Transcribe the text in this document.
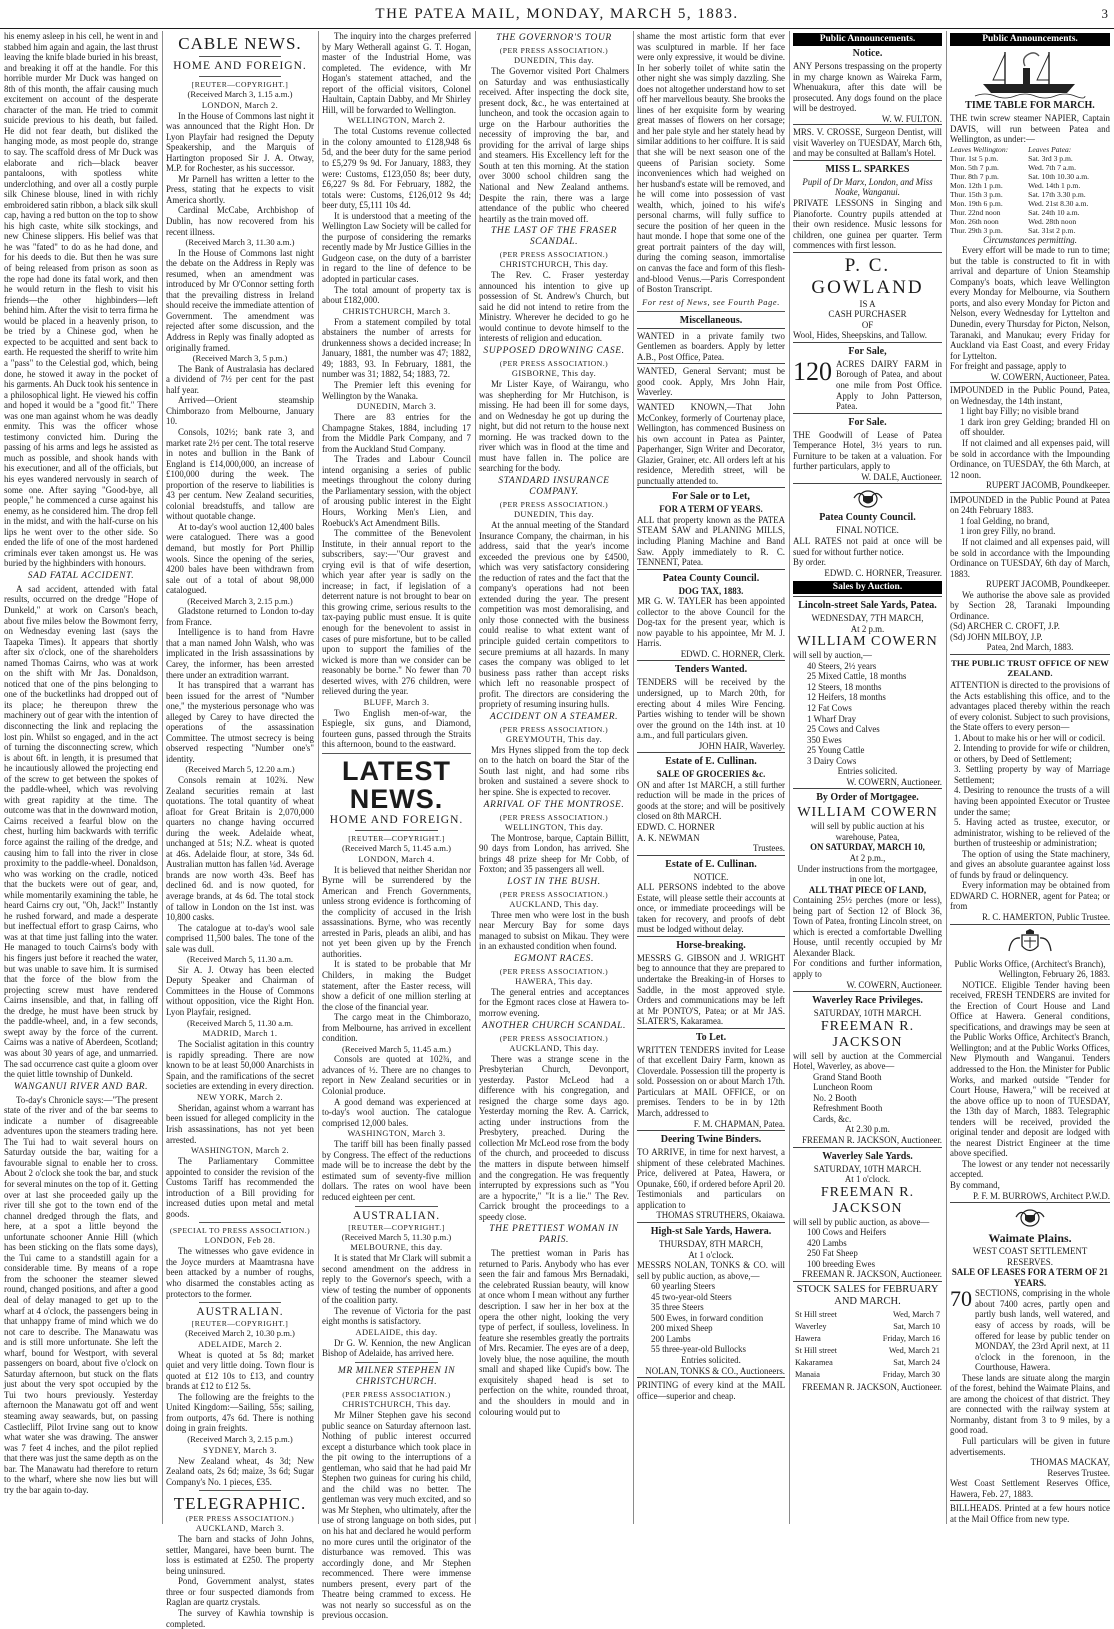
THE PATEA MAIL, MONDAY, MARCH 5, 1883.	3

his enemy asleep in his cell, he went in and stabbed him again and again, the last thrust leaving the knife blade buried in his breast, and breaking it off at the handle. For this horrible murder Mr Duck was hanged on 8th of this month, the affair causing much excitement on account of the desperate character of the man. He tried to commit suicide previous to his death, but failed. He did not fear death, but disliked the hanging mode, as most people do, strange to say. The scaffold dress of Mr Duck was elaborate and rich—black beaver pantaloons, with spotless white underclothing, and over all a costly purple silk Chinese blouse, lined in with richly embroidered satin ribbon, a black silk skull cap, having a red button on the top to show his high caste, white silk stockings, and new Chinese slippers. His belief was that he was "fated" to do as he had done, and for his deeds to die. But then he was sure of being released from prison as soon as the rope had done its fatal work, and then he would return in the flesh to visit his friends—the other highbinders—left behind him. After the visit to terra firma he would be placed in a heavenly prison, to be tried by a Chinese god, when he expected to be acquitted and sent back to earth. He requested the sheriff to write him a "pass" to the Celestial god, which, being done, he stowed it away in the pocket of his garments. Ah Duck took his sentence in a philosophical light. He viewed his coffin and hoped it would be a "good fit." There was one man against whom he was deadly enmity. This was the officer whose testimony convicted him. During the passing of his arms and legs he assisted as much as possible, and shook hands with his executioner, and all of the officials, but his eyes wandered nervously in search of some one. After saying "Good-bye, all people," he commenced a curse against his enemy, as he considered him. The drop fell in the midst, and with the half-curse on his lips he went over to the other side. So ended the life of one of the most hardened criminals ever taken amongst us. He was buried by the highbinders with honours.

SAD FATAL ACCIDENT.

A sad accident, attended with fatal results, occurred on the dredge "Hope of Dunkeld," at work on Carson's beach, about five miles below the Bowmont ferry, on Wednesday evening last (says the Taapeka Times). It appears that shortly after six o'clock, one of the shareholders named Thomas Cairns, who was at work on the shift with Mr Jas. Donaldson, noticed that one of the pins belonging to one of the bucketlinks had dropped out of its place; he thereupon threw the machinery out of gear with the intention of disconnecting the link and replacing the lost pin. Whilst so engaged, and in the act of turning the disconnecting screw, which is about 6ft. in length, it is presumed that he incautiously allowed the projecting end of the screw to get between the spokes of the paddle-wheel, which was revolving with great rapidity at the time. The outcome was that in the downward motion, Cairns received a fearful blow on the chest, hurling him backwards with terrific force against the railing of the dredge, and causing him to fall into the river in close proximity to the paddle-wheel. Donaldson, who was working on the cradle, noticed that the buckets were out of gear, and, while momentarily examining the table, he heard Cairns cry out, "Oh, Jack!" Instantly he rushed forward, and made a desperate but ineffectual effort to grasp Cairns, who was at that time just falling into the water. He managed to touch Cairns's body with his fingers just before it reached the water, but was unable to save him. It is surmised that the force of the blow from the projecting screw must have rendered Cairns insensible, and that, in falling off the dredge, he must have been struck by the paddle-wheel, and, in a few seconds, swept away by the force of the current. Cairns was a native of Aberdeen, Scotland; was about 30 years of age, and unmarried. The sad occurrence cast quite a gloom over the quiet little township of Dunkeld.

WANGANUI RIVER AND BAR.

To-day's Chronicle says:—"The present state of the river and of the bar seems to indicate a number of disagreeable adventures upon the steamers trading here. The Tui had to wait several hours on Saturday outside the bar, waiting for a favourable signal to enable her to cross. About 2 o'clock she took the bar, and stuck for several minutes on the top of it. Getting over at last she proceeded gaily up the river till she got to the town end of the channel dredged through the flats, and here, at a spot a little beyond the unfortunate schooner Annie Hill (which has been sticking on the flats some days), the Tui came to a standstill again for a considerable time. By means of a rope from the schooner the steamer slewed round, changed positions, and after a good deal of delay managed to get up to the wharf at 4 o'clock, the passengers being in that unhappy frame of mind which we do not care to describe. The Manawatu was and is still more unfortunate. She left the wharf, bound for Westport, with several passengers on board, about five o'clock on Saturday afternoon, but stuck on the flats just about the very spot occupied by the Tui two hours previously. Yesterday afternoon the Manawatu got off and went steaming away seawards, but, on passing Castlecliff, Pilot Irvine sang out to know what water she was drawing. The answer was 7 feet 4 inches, and the pilot replied that there was just the same depth as on the bar. The Manawatu had therefore to return to the wharf, where she now lies but will try the bar again to-day.

CABLE NEWS.
HOME AND FOREIGN.
[REUTER—COPYRIGHT.]
(Received March 3, 1.15 a.m.)
LONDON, March 2.

In the House of Commons last night it was announced that the Right Hon. Dr Lyon Playfair had resigned the Deputy Speakership, and the Marquis of Hartington proposed Sir J. A. Otway, M.P. for Rochester, as his successor.

Mr Parnell has written a letter to the Press, stating that he expects to visit America shortly.

Cardinal McCabe, Archbishop of Dublin, has now recovered from his recent illness.

(Received March 3, 11.30 a.m.)

In the House of Commons last night the debate on the Address in Reply was resumed, when an amendment was introduced by Mr O'Connor setting forth that the prevailing distress in Ireland should receive the immediate attention of Government. The amendment was rejected after some discussion, and the Address in Reply was finally adopted as originally framed.

(Received March 3, 5 p.m.)

The Bank of Australasia has declared a dividend of 7½ per cent for the past half year.

Arrived—Orient steamship Chimborazo from Melbourne, January 10.

Consols, 102½; bank rate 3, and market rate 2½ per cent. The total reserve in notes and bullion in the Bank of England is £14,000,000, an increase of £100,000 during the week. The proportion of the reserve to liabilities is 43 per centum. New Zealand securities, colonial breadstuffs, and tallow are without quotable change.

At to-day's wool auction 12,400 bales were catalogued. There was a good demand, but mostly for Port Phillip wools. Since the opening of the series, 4200 bales have been withdrawn from sale out of a total of about 98,000 catalogued.

(Received March 3, 2.15 p.m.)

Gladstone returned to London to-day from France.

Intelligence is to hand from Havre that a man named John Walsh, who was implicated in the Irish assassinations by Carey, the informer, has been arrested there under an extradition warrant.

It has transpired that a warrant has been issued for the arrest of "Number one," the mysterious personage who was alleged by Carey to have directed the operations of the assassination Committee. The utmost secrecy is being observed respecting "Number one's" identity.

(Received March 5, 12.20 a.m.)

Consols remain at 102¾. New Zealand securities remain at last quotations. The total quantity of wheat afloat for Great Britain is 2,070,000 quarters no change having occurred during the week. Adelaide wheat, unchanged at 51s; N.Z. wheat is quoted at 46s. Adelaide flour, at store, 34s 6d. Australian mutton has fallen ¼d. Average brands are now worth 43s. Beef has declined 6d. and is now quoted, for average brands, at 4s 6d. The total stock of tallow in London on the 1st inst. was 10,800 casks.

The catalogue at to-day's wool sale comprised 11,500 bales. The tone of the sale was dull.

(Received March 5, 11.30 a.m.

Sir A. J. Otway has been elected Deputy Speaker and Chairman of Committees in the House of Commons without opposition, vice the Right Hon. Lyon Playfair, resigned.

(Received March 5, 11.30 a.m.
MADRID, March 1.

The Socialist agitation in this country is rapidly spreading. There are now known to be at least 50,000 Anarchists in Spain, and the ramifications of the secret societies are extending in every direction.

NEW YORK, March 2.

Sheridan, against whom a warrant has been issued for alleged complicity in the Irish assassinations, has not yet been arrested.

WASHINGTON, March 2.

The Parliamentary Committee appointed to consider the revision of the Customs Tariff has recommended the introduction of a Bill providing for increased duties upon metal and metal goods.

(SPECIAL TO PRESS ASSOCIATION.)
LONDON, Feb 28.

The witnesses who gave evidence in the Joyce murders at Maamtrasna have been attacked by a number of roughs, who disarmed the constables acting as protectors to the former.

AUSTRALIAN.
[REUTER—COPYRIGHT.]
(Received March 2, 10.30 p.m.)
ADELAIDE, March 2.

Wheat is quoted at 5s 8d; market quiet and very little doing. Town flour is quoted at £12 10s to £13, and country brands at £12 to £12 5s.

The following are the freights to the United Kingdom:—Sailing, 55s; sailing, from outports, 47s 6d. There is nothing doing in grain freights.

(Received March 3, 2.15 p.m.)
SYDNEY, March 3.

New Zealand wheat, 4s 3d; New Zealand oats, 2s 6d; maize, 3s 6d; Sugar Company's No. 1 pieces, £35.

TELEGRAPHIC.
(PER PRESS ASSOCIATION.)
AUCKLAND, March 3.

The barn and stacks of John Johns, settler, Mangarei, have been burnt. The loss is estimated at £250. The property being uninsured.

Pond, Government analyst, states three or four suspected diamonds from Raglan are quartz crystals.

The survey of Kawhia township is completed.

The inquiry into the charges preferred by Mary Wetherall against G. T. Hogan, master of the Industrial Home, was completed. The evidence, with Mr Hogan's statement attached, and the report of the official visitors, Colonel Haultain, Captain Dabby, and Mr Shirley Hill, will be forwarded to Wellington.

WELLINGTON, March 2.

The total Customs revenue collected in the colony amounted to £128,948 6s 5d, and the beer duty for the same period to £5,279 9s 9d. For January, 1883, they were: Customs, £123,050 8s; beer duty, £6,227 9s 8d. For February, 1882, the totals were: Customs, £126,012 9s 4d; beer duty, £5,111 10s 4d.

It is understood that a meeting of the Wellington Law Society will be called for the purpose of considering the remarks recently made by Mr Justice Gillies in the Gudgeon case, on the duty of a barrister in regard to the line of defence to be adopted in particular cases.

The total amount of property tax is about £182,000.

CHRISTCHURCH, March 3.

From a statement compiled by total abstainers the number of arrests for drunkenness shows a decided increase; In January, 1881, the number was 47; 1882, 49; 1883, 93. In February, 1881, the number was 31; 1882, 54; 1883, 72.

The Premier left this evening for Wellington by the Wanaka.

DUNEDIN, March 3.

There are 83 entries for the Champagne Stakes, 1884, including 17 from the Middle Park Company, and 7 from the Auckland Stud Company.

The Trades and Labour Council intend organising a series of public meetings throughout the colony during the Parliamentary session, with the object of arousing public interest in the Eight Hours, Working Men's Lien, and Roebuck's Act Amendment Bills.

The committee of the Benevolent Institute, in their annual report to the subscribers, say:—"Our gravest and crying evil is that of wife desertion, which year after year is sadly on the increase; in fact, if legislation of a deterrent nature is not brought to bear on this growing crime, serious results to the tax-paying public must ensue. It is quite enough for the benevolent to assist in cases of pure misfortune, but to be called upon to support the families of the wicked is more than we consider can be reasonably be borne." No fewer than 70 deserted wives, with 276 children, were relieved during the year.

BLUFF, March 3.

Two English men-of-war, the Espiegle, six guns, and Diamond, fourteen guns, passed through the Straits this afternoon, bound to the eastward.

LATEST NEWS.
HOME AND FOREIGN.
[REUTER—COPYRIGHT.]
(Received March 5, 11.45 a.m.)
LONDON, March 4.

It is believed that neither Sheridan nor Byrne will be surrendered by the American and French Governments, unless strong evidence is forthcoming of the complicity of accused in the Irish assassinations. Byrne, who was recently arrested in Paris, pleads an alibi, and has not yet been given up by the French authorities.

It is stated to be probable that Mr Childers, in making the Budget statement, after the Easter recess, will show a deficit of one million sterling at the close of the financial year.

The cargo meat in the Chimborazo, from Melbourne, has arrived in excellent condition.

(Received March 5, 11.45 a.m.)

Consols are quoted at 102¾, and advances of ½. There are no changes to report in New Zealand securities or in Colonial produce.

A good demand was experienced at to-day's wool auction. The catalogue comprised 12,000 bales.

WASHINGTON, March 3.

The tariff bill has been finally passed by Congress. The effect of the reductions made will be to increase the debt by the estimated sum of seventy-five million dollars. The rates on wool have been reduced eighteen per cent.

AUSTRALIAN.
[REUTER—COPYRIGHT.]
(Received March 5, 11.30 p.m.)
MELBOURNE, this day.

It is stated that Mr Clark will submit a second amendment on the address in reply to the Governor's speech, with a view of testing the number of opponents of the coalition party.

The revenue of Victoria for the past eight months is satisfactory.

ADELAIDE, this day.

Dr G. W. Kennion, the new Anglican Bishop of Adelaide, has arrived here.

MR MILNER STEPHEN IN CHRISTCHURCH.
(PER PRESS ASSOCIATION.)
CHRISTCHURCH, This day.

Mr Milner Stephen gave his second public seance on Saturday afternoon last. Nothing of public interest occurred except a disturbance which took place in the pit owing to the interruptions of a gentleman, who said that he had paid Mr Stephen two guineas for curing his child, and the child was no better. The gentleman was very much excited, and so was Mr Stephen, who ultimately, after the use of strong language on both sides, put on his hat and declared he would perform no more cures until the originator of the disturbance was removed. This was accordingly done, and Mr Stephen recommenced. There were immense numbers present, every part of the Theatre being crammed to excess. He was not nearly so successful as on the previous occasion.

THE GOVERNOR'S TOUR
(PER PRESS ASSOCIATION.)
DUNEDIN, This day.

The Governor visited Port Chalmers on Saturday and was enthusiastically received. After inspecting the dock site, present dock, &c., he was entertained at luncheon, and took the occasion again to urge on the Harbour authorities the necessity of improving the bar, and providing for the arrival of large ships and steamers. His Excellency left for the South at ten this morning. At the station over 3000 school children sang the National and New Zealand anthems. Despite the rain, there was a large attendance of the public who cheered heartily as the train moved off.

THE LAST OF THE FRASER SCANDAL.
(PER PRESS ASSOCIATION.)
CHRISTCHURCH, This day.

The Rev. C. Fraser yesterday announced his intention to give up possession of St. Andrew's Church, but said he did not intend to retire from the Ministry. Wherever he decided to go he would continue to devote himself to the interests of religion and education.

SUPPOSED DROWNING CASE.
(PER PRESS ASSOCIATION.)
GISBORNE, This day.

Mr Lister Kaye, of Wairangu, who was shepherding for Mr Hutchison, is missing. He had been ill for some days, and on Wednesday he got up during the night, but did not return to the house next morning. He was tracked down to the river which was in flood at the time and must have fallen in. The police are searching for the body.

STANDARD INSURANCE COMPANY.
(PER PRESS ASSOCIATION.)
DUNEDIN, This day.

At the annual meeting of the Standard Insurance Company, the chairman, in his address, said that the year's income exceeded the previous one by £4500, which was very satisfactory considering the reduction of rates and the fact that the company's operations had not been extended during the year. The present competition was most demoralising, and only those connected with the business could realise to what extent want of principle guided certain competitors to secure premiums at all hazards. In many cases the company was obliged to let business pass rather than accept risks which left no reasonable prospect of profit. The directors are considering the propriety of resuming insuring hulls.

ACCIDENT ON A STEAMER.
(PER PRESS ASSOCIATION.)
GREYMOUTH, This day.

Mrs Hynes slipped from the top deck on to the hatch on board the Star of the South last night, and had some ribs broken and sustained a severe shock to her spine. She is expected to recover.

ARRIVAL OF THE MONTROSE.
(PER PRESS ASSOCIATION.)
WELLINGTON, This day.

The Montrose, barque, Captain Billitt, 90 days from London, has arrived. She brings 48 prize sheep for Mr Cobb, of Foxton; and 35 passengers all well.

LOST IN THE BUSH.
(PER PRESS ASSOCIATION.)
AUCKLAND, This day.

Three men who were lost in the bush near Mercury Bay for some days managed to subsist on Mikau. They were in an exhausted condition when found.

EGMONT RACES.
(PER PRESS ASSOCIATION.)
HAWERA, This day.

The general entries and acceptances for the Egmont races close at Hawera to-morrow evening.

ANOTHER CHURCH SCANDAL.
(PER PRESS ASSOCIATION.)
AUCKLAND, This day.

There was a strange scene in the Presbyterian Church, Devonport, yesterday. Pastor McLeod had a difference with his congregation, and resigned the charge some days ago. Yesterday morning the Rev. A. Carrick, acting under instructions from the Presbytery, preached. During the collection Mr McLeod rose from the body of the church, and proceeded to discuss the matters in dispute between himself and the congregation. He was frequently interrupted by expressions such as "You are a hypocrite," "It is a lie." The Rev. Carrick brought the proceedings to a speedy close.

THE PRETTIEST WOMAN IN PARIS.

The prettiest woman in Paris has returned to Paris. Anybody who has ever seen the fair and famous Mrs Bernadaki, the celebrated Russian beauty, will know at once whom I mean without any further description. I saw her in her box at the opera the other night, looking the very type of perfect, if soulless, loveliness. In feature she resembles greatly the portraits of Mrs. Recamier. The eyes are of a deep, lovely blue, the nose aquiline, the mouth small and shaped like Cupid's bow. The exquisitely shaped head is set to perfection on the white, rounded throat, and the shoulders in mould and in colouring would put to

shame the most artistic form that ever was sculptured in marble. If her face were only expressive, it would be divine. In her soberly toilet of white satin the other night she was simply dazzling. She does not altogether understand how to set off her marvellous beauty. She brooks the lines of her exquisite form by wearing great masses of flowers on her corsage; and her pale style and her stately head by similar additions to her coiffure. It is said that she will be next season one of the queens of Parisian society. Some inconveniences which had weighed on her husband's estate will be removed, and he will come into possession of vast wealth, which, joined to his wife's personal charms, will fully suffice to secure the position of her queen in the haut monde. I hope that some one of the great portrait painters of the day will, during the coming season, immortalise on canvas the face and form of this flesh-and-blood Venus.—Paris Correspondent of Boston Transcript.

For rest of News, see Fourth Page.
Miscellaneous.

WANTED in a private family two Gentlemen as boarders. Apply by letter A.B., Post Office, Patea.

WANTED, General Servant; must be good cook. Apply, Mrs John Hair, Waverley.

WANTED KNOWN,—That John McConkey, formerly of Courtenay place, Wellington, has commenced Business on his own account in Patea as Painter, Paperhanger, Sign Writer and Decorator, Glazier, Grainer, etc. All orders left at his residence, Meredith street, will be punctually attended to.

For Sale or to Let,
FOR A TERM OF YEARS.

ALL that property known as the PATEA STEAM SAW and PLANING MILLS, including Planing Machine and Band Saw. Apply immediately to R. C. TENNENT, Patea.

Patea County Council.
DOG TAX, 1883.

MR G. W. TAYLER has been appointed collector to the above Council for the Dog-tax for the present year, which is now payable to his appointee, Mr M. J. Harris.

EDWD. C. HORNER, Clerk.
Tenders Wanted.

TENDERS will be received by the undersigned, up to March 20th, for erecting about 4 miles Wire Fencing. Parties wishing to tender will be shown over the ground on the 14th inst. at 10 a.m., and full particulars given.

JOHN HAIR, Waverley.
Estate of E. Cullinan.
SALE OF GROCERIES &c.

ON and after 1st MARCH, a still further reduction will be made in the prices of goods at the store; and will be positively closed on 8th MARCH.

EDWD. C. HORNER
A. K. NEWMAN
Trustees.
Estate of E. Cullinan.
NOTICE.

ALL PERSONS indebted to the above Estate, will please settle their accounts at once, or immediate proceedings will be taken for recovery, and proofs of debt must be lodged without delay.

Horse-breaking.

MESSRS G. GIBSON and J. WRIGHT beg to announce that they are prepared to undertake the Breaking-in of Horses to Saddle, in the most approved style. Orders and communications may be left at Mr PONTO'S, Patea; or at Mr JAS. SLATER'S, Kakaramea.

To Let.

WRITTEN TENDERS invited for Lease of that excellent Dairy Farm, known as Cloverdale. Possession till the property is sold. Possession on or about March 17th. Particulars at MAIL OFFICE, or on premises. Tenders to be in by 12th March, addressed to

F. M. CHAPMAN, Patea.
Deering Twine Binders.

TO ARRIVE, in time for next harvest, a shipment of these celebrated Machines. Price, delivered at Patea, Hawera, or Opunake, £60, if ordered before April 20. Testimonials and particulars on application to

THOMAS STRUTHERS, Okaiawa.
High-st Sale Yards, Hawera.
THURSDAY, 8TH MARCH,
At 1 o'clock.

MESSRS NOLAN, TONKS & CO. will sell by public auction, as above,—

60 yearling Steers
45 two-year-old Steers
35 three Steers
500 Ewes, in forward condition
200 mixed Sheep
200 Lambs
55 three-year-old Bullocks
Entries solicited.
NOLAN, TONKS & CO., Auctioneers.

PRINTING of every kind at the MAIL office—superior and cheap.

Public Announcements.
Notice.

ANY Persons trespassing on the property in my charge known as Waireka Farm, Whenuakura, after this date will be prosecuted. Any dogs found on the place will be destroyed.

W. W. FULTON.

MRS. V. CROSSE, Surgeon Dentist, will visit Waverley on TUESDAY, March 6th, and may be consulted at Ballam's Hotel.

MISS L. SPARKES
Pupil of Dr Marx, London, and Miss Noake, Wanganui.

PRIVATE LESSONS in Singing and Pianoforte. Country pupils attended at their own residence. Music lessons for children, one guinea per quarter. Term commences with first lesson.

P. C. GOWLAND
IS A
CASH PURCHASER
OF
Wool, Hides, Sheepskins, and Tallow.
For Sale,
120 ACRES DAIRY FARM in Borough of Patea, and about one mile from Post Office. Apply to John Patterson, Patea.

For Sale.

THE Goodwill of Lease of Patea Temperance Hotel, 3½ years to run. Furniture to be taken at a valuation. For further particulars, apply to

W. DALE, Auctioneer.
Patea County Council.
FINAL NOTICE.

ALL RATES not paid at once will be sued for without further notice.

By order.
EDWD. C. HORNER, Treasurer.
Sales by Auction.
Lincoln-street Sale Yards, Patea.
WEDNESDAY, 7TH MARCH,
At 2 p.m.
WILLIAM COWERN
will sell by auction,—
40 Steers, 2½ years
25 Mixed Cattle, 18 months
12 Steers, 18 months
12 Heifers, 18 months
12 Fat Cows
1 Wharf Dray
25 Cows and Calves
350 Ewes
25 Young Cattle
3 Dairy Cows
Entries solicited.
W. COWERN, Auctioneer.
By Order of Mortgagee.
WILLIAM COWERN
will sell by public auction at his warehouse, Patea,
ON SATURDAY, MARCH 10,
At 2 p.m.,
Under instructions from the mortgagee, in one lot,
ALL THAT PIECE OF LAND,

Containing 25½ perches (more or less), being part of Section 12 of Block 36, Town of Patea, fronting Lincoln street, on which is erected a comfortable Dwelling House, until recently occupied by Mr Alexander Black.

For conditions and further information, apply to

W. COWERN, Auctioneer.
Waverley Race Privileges.
SATURDAY, 10TH MARCH.
FREEMAN R. JACKSON

will sell by auction at the Commercial Hotel, Waverley, as above—

Grand Stand Booth
Luncheon Room
No. 2 Booth
Refreshment Booth
Cards, &c.
At 2.30 p.m.
FREEMAN R. JACKSON, Auctioneer.
Waverley Sale Yards.
SATURDAY, 10TH MARCH.
At 1 o'clock.
FREEMAN R. JACKSON
will sell by public auction, as above—
100 Cows and Heifers
420 Lambs
250 Fat Sheep
100 breeding Ewes
FREEMAN R. JACKSON, Auctioneer.
STOCK SALES for FEBRUARY AND MARCH.
St Hill street	Wed, March 7
Waverley	Sat, March 10
Hawera	Friday, March 16
St Hill street	Wed, March 21
Kakaramea	Sat, March 24
Manaia	Friday, March 30
FREEMAN R. JACKSON, Auctioneer.
Public Announcements.
TIME TABLE FOR MARCH.

THE twin screw steamer NAPIER, Captain DAVIS, will run between Patea and Wellington, as under:—

Leaves Wellington:	Leaves Patea:
Thur. 1st 5 p.m.	Sat. 3rd 3 p.m.
Mon. 5th 7 p.m.	Wed. 7th 7 a.m.
Thur. 8th 7 p.m.	Sat. 10th 10.30 a.m.
Mon. 12th 1 p.m.	Wed. 14th 1 p.m.
Thur. 15th 3 p.m.	Sat. 17th 3.30 p.m.
Mon. 19th 6 p.m.	Wed. 21st 8.30 a.m.
Thur. 22nd noon	Sat. 24th 10 a.m.
Mon. 26th noon	Wed. 28th noon
Thur. 29th 3 p.m.	Sat. 31st 2 p.m.
Circumstances permitting.

Every effort will be made to run to time; but the table is constructed to fit in with arrival and departure of Union Steamship Company's boats, which leave Wellington every Monday for Melbourne, via Southern ports, and also every Monday for Picton and Nelson, every Wednesday for Lyttelton and Dunedin, every Thursday for Picton, Nelson, Taranaki, and Manukau; every Friday for Auckland via East Coast, and every Friday for Lyttelton.

For freight and passage, apply to
W. COWERN, Auctioneer, Patea.

IMPOUNDED in the Public Pound, Patea, on Wednesday, the 14th instant,

1 light bay Filly; no visible brand
1 dark iron grey Gelding; branded Hl on off shoulder.

If not claimed and all expenses paid, will be sold in accordance with the Impounding Ordinance, on TUESDAY, the 6th March, at 12 noon.

RUPERT JACOMB, Poundkeeper.

IMPOUNDED in the Public Pound at Patea on 24th February 1883.

1 foal Gelding, no brand,
1 iron grey Filly, no brand.

If not claimed and all expenses paid, will be sold in accordance with the Impounding Ordinance on TUESDAY, 6th day of March, 1883.

RUPERT JACOMB, Poundkeeper.

We authorise the above sale as provided by Section 28, Taranaki Impounding Ordinance.

(Sd) ARCHER C. CROFT, J.P.
(Sd) JOHN MILBOY, J.P.
Patea, 2nd March, 1883.
THE PUBLIC TRUST OFFICE OF NEW ZEALAND.

ATTENTION is directed to the provisions of the Acts establishing this office, and to the advantages placed thereby within the reach of every colonist. Subject to such provisions, the State offers to every person—

1. About to make his or her will or codicil.
2. Intending to provide for wife or children, or others, by Deed of Settlement;
3. Settling property by way of Marriage Settlement;
4. Desiring to renounce the trusts of a will having been appointed Executor or Trustee under the same;
5. Having acted as trustee, executor, or administrator, wishing to be relieved of the burthen of trusteeship or administration;

The option of using the State machinery, and gives an absolute guarantee against loss of funds by fraud or delinquency.

Every information may be obtained from EDWARD C. HORNER, agent for Patea; or from

R. C. HAMERTON, Public Trustee.
Public Works Office, (Architect's Branch),
Wellington, February 26, 1883.

NOTICE. Eligible Tender having been received, FRESH TENDERS are invited for the Erection of Court House and Land Office at Hawera. General conditions, specifications, and drawings may be seen at the Public Works Office, Architect's Branch, Wellington; and at the Public Works Offices, New Plymouth and Wanganui. Tenders addressed to the Hon. the Minister for Public Works, and marked outside "Tender for Court House, Hawera," will be received at the above office up to noon of TUESDAY, the 13th day of March, 1883. Telegraphic tenders will be received, provided the original tender and deposit are lodged with the nearest District Engineer at the time above specified.

The lowest or any tender not necessarily accepted.

By command,
P. F. M. BURROWS, Architect P.W.D.
Waimate Plains.
WEST COAST SETTLEMENT RESERVES.
SALE OF LEASES FOR A TERM OF 21 YEARS.
70 SECTIONS, comprising in the whole about 7400 acres, partly open and partly bush lands, well watered, and easy of access by roads, will be offered for lease by public tender on MONDAY, the 23rd April next, at 11 o'clock in the forenoon, in the Courthouse, Hawera.

These lands are situate along the margin of the forest, behind the Waimate Plains, and are among the choicest of that district. They are connected with the railway system at Normanby, distant from 3 to 9 miles, by a good road.

Full particulars will be given in future advertisements.

THOMAS MACKAY,
Reserves Trustee.
West Coast Settlement Reserves Office, Hawera, Feb. 27, 1883.

BILLHEADS. Printed at a few hours notice at the Mail Office from new type.
